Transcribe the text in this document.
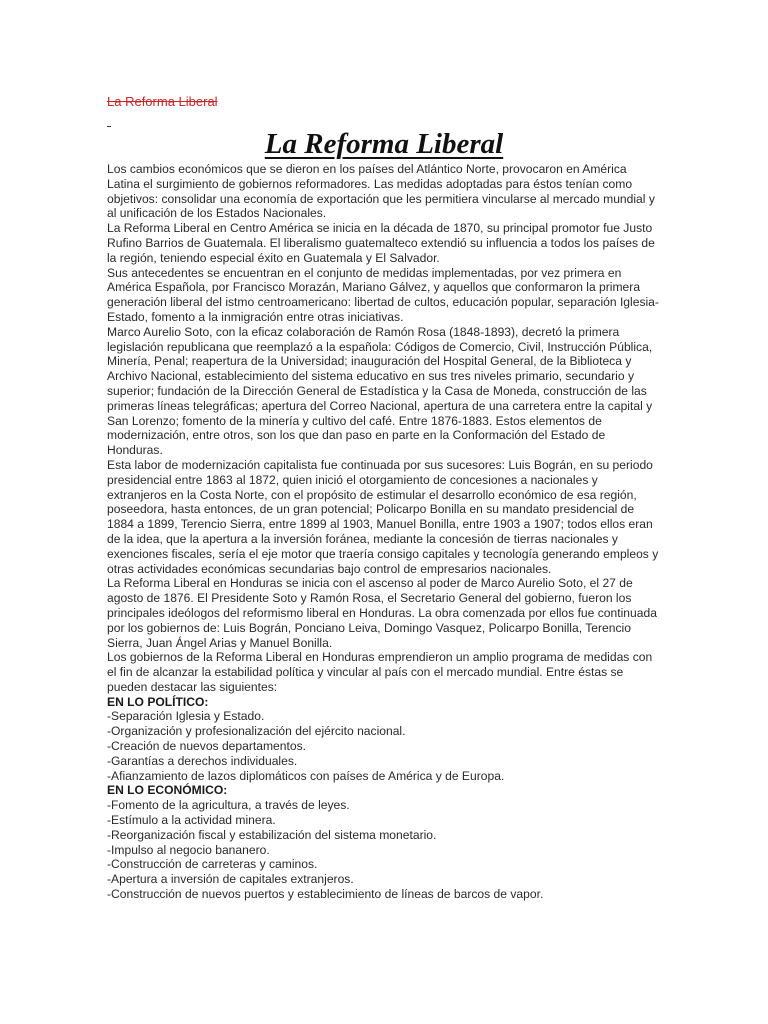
La Reforma Liberal
La Reforma Liberal

Los cambios económicos que se dieron en los países del Atlántico Norte, provocaron en América Latina el surgimiento de gobiernos reformadores. Las medidas adoptadas para éstos tenían como objetivos: consolidar una economía de exportación que les permitiera vincularse al mercado mundial y al unificación de los Estados Nacionales.

La Reforma Liberal en Centro América se inicia en la década de 1870, su principal promotor fue Justo Rufino Barrios de Guatemala. El liberalismo guatemalteco extendió su influencia a todos los países de la región, teniendo especial éxito en Guatemala y El Salvador.

Sus antecedentes se encuentran en el conjunto de medidas implementadas, por vez primera en América Española, por Francisco Morazán, Mariano Gálvez, y aquellos que conformaron la primera generación liberal del istmo centroamericano: libertad de cultos, educación popular, separación Iglesia-Estado, fomento a la inmigración entre otras iniciativas.

Marco Aurelio Soto, con la eficaz colaboración de Ramón Rosa (1848-1893), decretó la primera legislación republicana que reemplazó a la española: Códigos de Comercio, Civil, Instrucción Pública, Minería, Penal; reapertura de la Universidad; inauguración del Hospital General, de la Biblioteca y Archivo Nacional, establecimiento del sistema educativo en sus tres niveles primario, secundario y superior; fundación de la Dirección General de Estadística y la Casa de Moneda, construcción de las primeras líneas telegráficas; apertura del Correo Nacional, apertura de una carretera entre la capital y San Lorenzo; fomento de la minería y cultivo del café. Entre 1876-1883. Estos elementos de modernización, entre otros, son los que dan paso en parte en la Conformación del Estado de Honduras.

Esta labor de modernización capitalista fue continuada por sus sucesores: Luis Bográn, en su periodo presidencial entre 1863 al 1872, quien inició el otorgamiento de concesiones a nacionales y extranjeros en la Costa Norte, con el propósito de estimular el desarrollo económico de esa región, poseedora, hasta entonces, de un gran potencial; Policarpo Bonilla en su mandato presidencial de 1884 a 1899, Terencio Sierra, entre 1899 al 1903, Manuel Bonilla, entre 1903 a 1907; todos ellos eran de la idea, que la apertura a la inversión foránea, mediante la concesión de tierras nacionales y exenciones fiscales, sería el eje motor que traería consigo capitales y tecnología generando empleos y otras actividades económicas secundarias bajo control de empresarios nacionales.

La Reforma Liberal en Honduras se inicia con el ascenso al poder de Marco Aurelio Soto, el 27 de agosto de 1876. El Presidente Soto y Ramón Rosa, el Secretario General del gobierno, fueron los principales ideólogos del reformismo liberal en Honduras. La obra comenzada por ellos fue continuada por los gobiernos de: Luis Bográn, Ponciano Leiva, Domingo Vasquez, Policarpo Bonilla, Terencio Sierra, Juan Ángel Arias y Manuel Bonilla.

Los gobiernos de la Reforma Liberal en Honduras emprendieron un amplio programa de medidas con el fin de alcanzar la estabilidad política y vincular al país con el mercado mundial. Entre éstas se pueden destacar las siguientes:

EN LO POLÍTICO:

-Separación Iglesia y Estado.

-Organización y profesionalización del ejército nacional.

-Creación de nuevos departamentos.

-Garantías a derechos individuales.

-Afianzamiento de lazos diplomáticos con países de América y de Europa.

EN LO ECONÓMICO:

-Fomento de la agricultura, a través de leyes.

-Estímulo a la actividad minera.

-Reorganización fiscal y estabilización del sistema monetario.

-Impulso al negocio bananero.

-Construcción de carreteras y caminos.

-Apertura a inversión de capitales extranjeros.

-Construcción de nuevos puertos y establecimiento de líneas de barcos de vapor.
